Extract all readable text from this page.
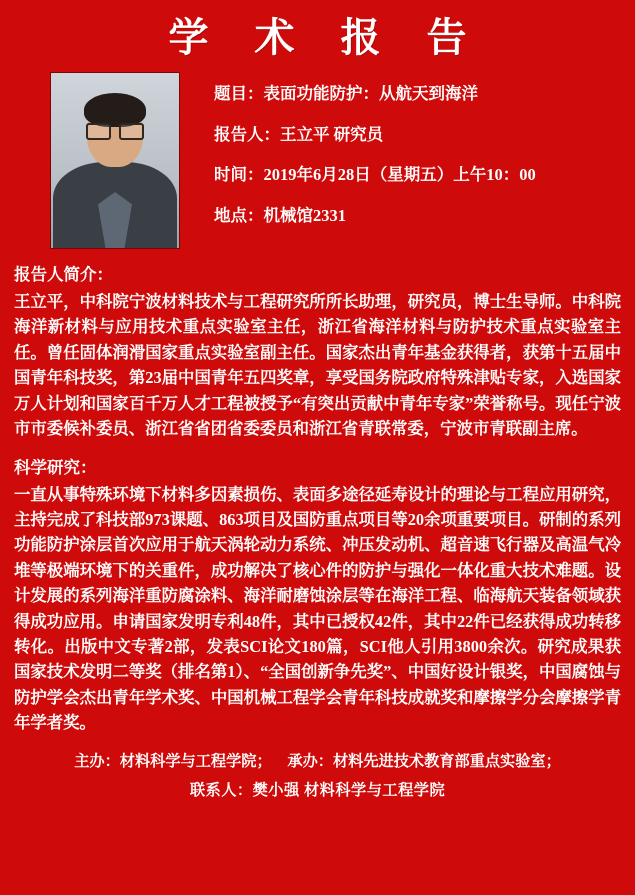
学 术 报 告
题目：表面功能防护：从航天到海洋
报告人：王立平 研究员
时间：2019年6月28日（星期五）上午10：00
地点：机械馆2331
报告人简介：

王立平，中科院宁波材料技术与工程研究所所长助理，研究员，博士生导师。中科院海洋新材料与应用技术重点实验室主任，浙江省海洋材料与防护技术重点实验室主任。曾任固体润滑国家重点实验室副主任。国家杰出青年基金获得者，获第十五届中国青年科技奖，第23届中国青年五四奖章，享受国务院政府特殊津贴专家，入选国家万人计划和国家百千万人才工程被授予“有突出贡献中青年专家”荣誉称号。现任宁波市市委候补委员、浙江省省团省委委员和浙江省青联常委，宁波市青联副主席。

科学研究：

一直从事特殊环境下材料多因素损伤、表面多途径延寿设计的理论与工程应用研究，主持完成了科技部973课题、863项目及国防重点项目等20余项重要项目。研制的系列功能防护涂层首次应用于航天涡轮动力系统、冲压发动机、超音速飞行器及高温气冷堆等极端环境下的关重件，成功解决了核心件的防护与强化一体化重大技术难题。设计发展的系列海洋重防腐涂料、海洋耐磨蚀涂层等在海洋工程、临海航天装备领域获得成功应用。申请国家发明专利48件，其中已授权42件，其中22件已经获得成功转移转化。出版中文专著2部，发表SCI论文180篇，SCI他人引用3800余次。研究成果获国家技术发明二等奖（排名第1）、“全国创新争先奖”、中国好设计银奖，中国腐蚀与防护学会杰出青年学术奖、中国机械工程学会青年科技成就奖和摩擦学分会摩擦学青年学者奖。

主办：材料科学与工程学院； 承办：材料先进技术教育部重点实验室；
联系人：樊小强 材料科学与工程学院
